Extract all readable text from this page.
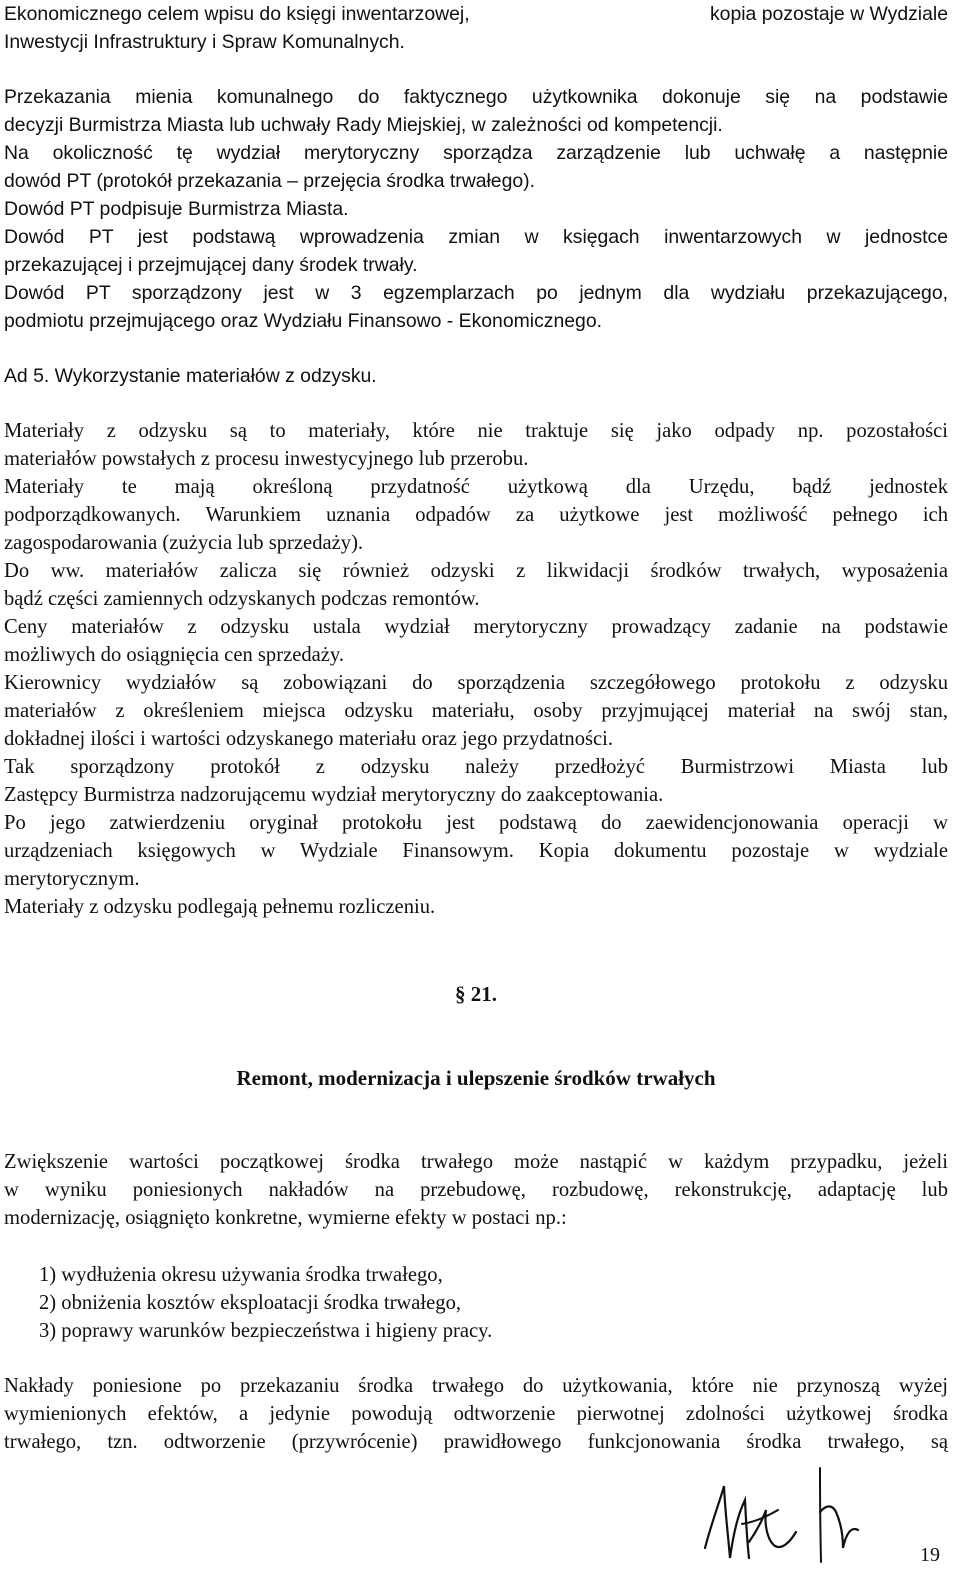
Ekonomicznego celem wpisu do księgi inwentarzowej,	kopia pozostaje w Wydziale
Inwestycji Infrastruktury i Spraw Komunalnych.
Przekazania mienia komunalnego do faktycznego użytkownika dokonuje się na podstawie
decyzji Burmistrza Miasta lub uchwały Rady Miejskiej, w zależności od kompetencji.
Na okoliczność tę wydział merytoryczny sporządza zarządzenie lub uchwałę a następnie
dowód PT (protokół przekazania – przejęcia środka trwałego).
Dowód PT podpisuje Burmistrza Miasta.
Dowód PT jest podstawą wprowadzenia zmian w księgach inwentarzowych w jednostce
przekazującej i przejmującej dany środek trwały.
Dowód PT sporządzony jest w 3 egzemplarzach po jednym dla wydziału przekazującego,
podmiotu przejmującego oraz Wydziału Finansowo - Ekonomicznego.
Ad 5. Wykorzystanie materiałów z odzysku.
Materiały z odzysku są to materiały, które nie traktuje się jako odpady np. pozostałości
materiałów powstałych z procesu inwestycyjnego lub przerobu.
Materiały te mają określoną przydatność użytkową dla Urzędu, bądź jednostek
podporządkowanych. Warunkiem uznania odpadów za użytkowe jest możliwość pełnego ich
zagospodarowania (zużycia lub sprzedaży).
Do ww. materiałów zalicza się również odzyski z likwidacji środków trwałych, wyposażenia
bądź części zamiennych odzyskanych podczas remontów.
Ceny materiałów z odzysku ustala wydział merytoryczny prowadzący zadanie na podstawie
możliwych do osiągnięcia cen sprzedaży.
Kierownicy wydziałów są zobowiązani do sporządzenia szczegółowego protokołu z odzysku
materiałów z określeniem miejsca odzysku materiału, osoby przyjmującej materiał na swój stan,
dokładnej ilości i wartości odzyskanego materiału oraz jego przydatności.
Tak sporządzony protokół z odzysku należy przedłożyć Burmistrzowi Miasta lub
Zastępcy Burmistrza nadzorującemu wydział merytoryczny do zaakceptowania.
Po jego zatwierdzeniu oryginał protokołu jest podstawą do zaewidencjonowania operacji w
urządzeniach księgowych w Wydziale Finansowym. Kopia dokumentu pozostaje w wydziale
merytorycznym.
Materiały z odzysku podlegają pełnemu rozliczeniu.
§ 21.
Remont, modernizacja i ulepszenie środków trwałych
Zwiększenie wartości początkowej środka trwałego może nastąpić w każdym przypadku, jeżeli
w wyniku poniesionych nakładów na przebudowę, rozbudowę, rekonstrukcję, adaptację lub
modernizację, osiągnięto konkretne, wymierne efekty w postaci np.:
1) wydłużenia okresu używania środka trwałego,
2) obniżenia kosztów eksploatacji środka trwałego,
3) poprawy warunków bezpieczeństwa i higieny pracy.
Nakłady poniesione po przekazaniu środka trwałego do użytkowania, które nie przynoszą wyżej
wymienionych efektów, a jedynie powodują odtworzenie pierwotnej zdolności użytkowej środka
trwałego, tzn. odtworzenie (przywrócenie) prawidłowego funkcjonowania środka trwałego, są
19
